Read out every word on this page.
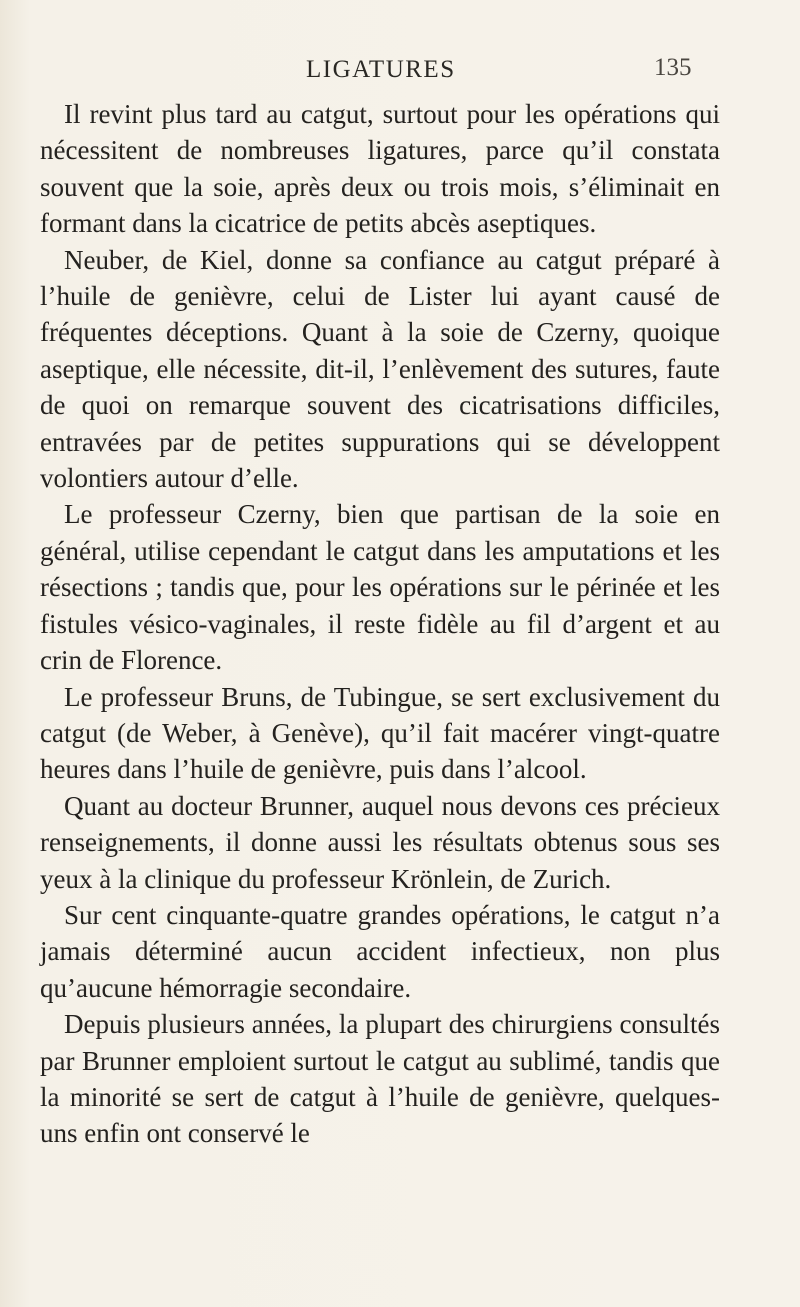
LIGATURES	135

Il revint plus tard au catgut, surtout pour les opérations qui nécessitent de nombreuses ligatures, parce qu’il constata souvent que la soie, après deux ou trois mois, s’éliminait en formant dans la cicatrice de petits abcès aseptiques.

Neuber, de Kiel, donne sa confiance au catgut préparé à l’huile de genièvre, celui de Lister lui ayant causé de fréquentes déceptions. Quant à la soie de Czerny, quoique aseptique, elle nécessite, dit-il, l’enlèvement des sutures, faute de quoi on remarque souvent des cicatrisations difficiles, entravées par de petites suppurations qui se développent volontiers autour d’elle.

Le professeur Czerny, bien que partisan de la soie en général, utilise cependant le catgut dans les amputations et les résections ; tandis que, pour les opérations sur le périnée et les fistules vésico-vaginales, il reste fidèle au fil d’argent et au crin de Florence.

Le professeur Bruns, de Tubingue, se sert exclusivement du catgut (de Weber, à Genève), qu’il fait macérer vingt-quatre heures dans l’huile de genièvre, puis dans l’alcool.

Quant au docteur Brunner, auquel nous devons ces précieux renseignements, il donne aussi les résultats obtenus sous ses yeux à la clinique du professeur Krönlein, de Zurich.

Sur cent cinquante-quatre grandes opérations, le catgut n’a jamais déterminé aucun accident infectieux, non plus qu’aucune hémorragie secondaire.

Depuis plusieurs années, la plupart des chirurgiens consultés par Brunner emploient surtout le catgut au sublimé, tandis que la minorité se sert de catgut à l’huile de genièvre, quelques-uns enfin ont conservé le
